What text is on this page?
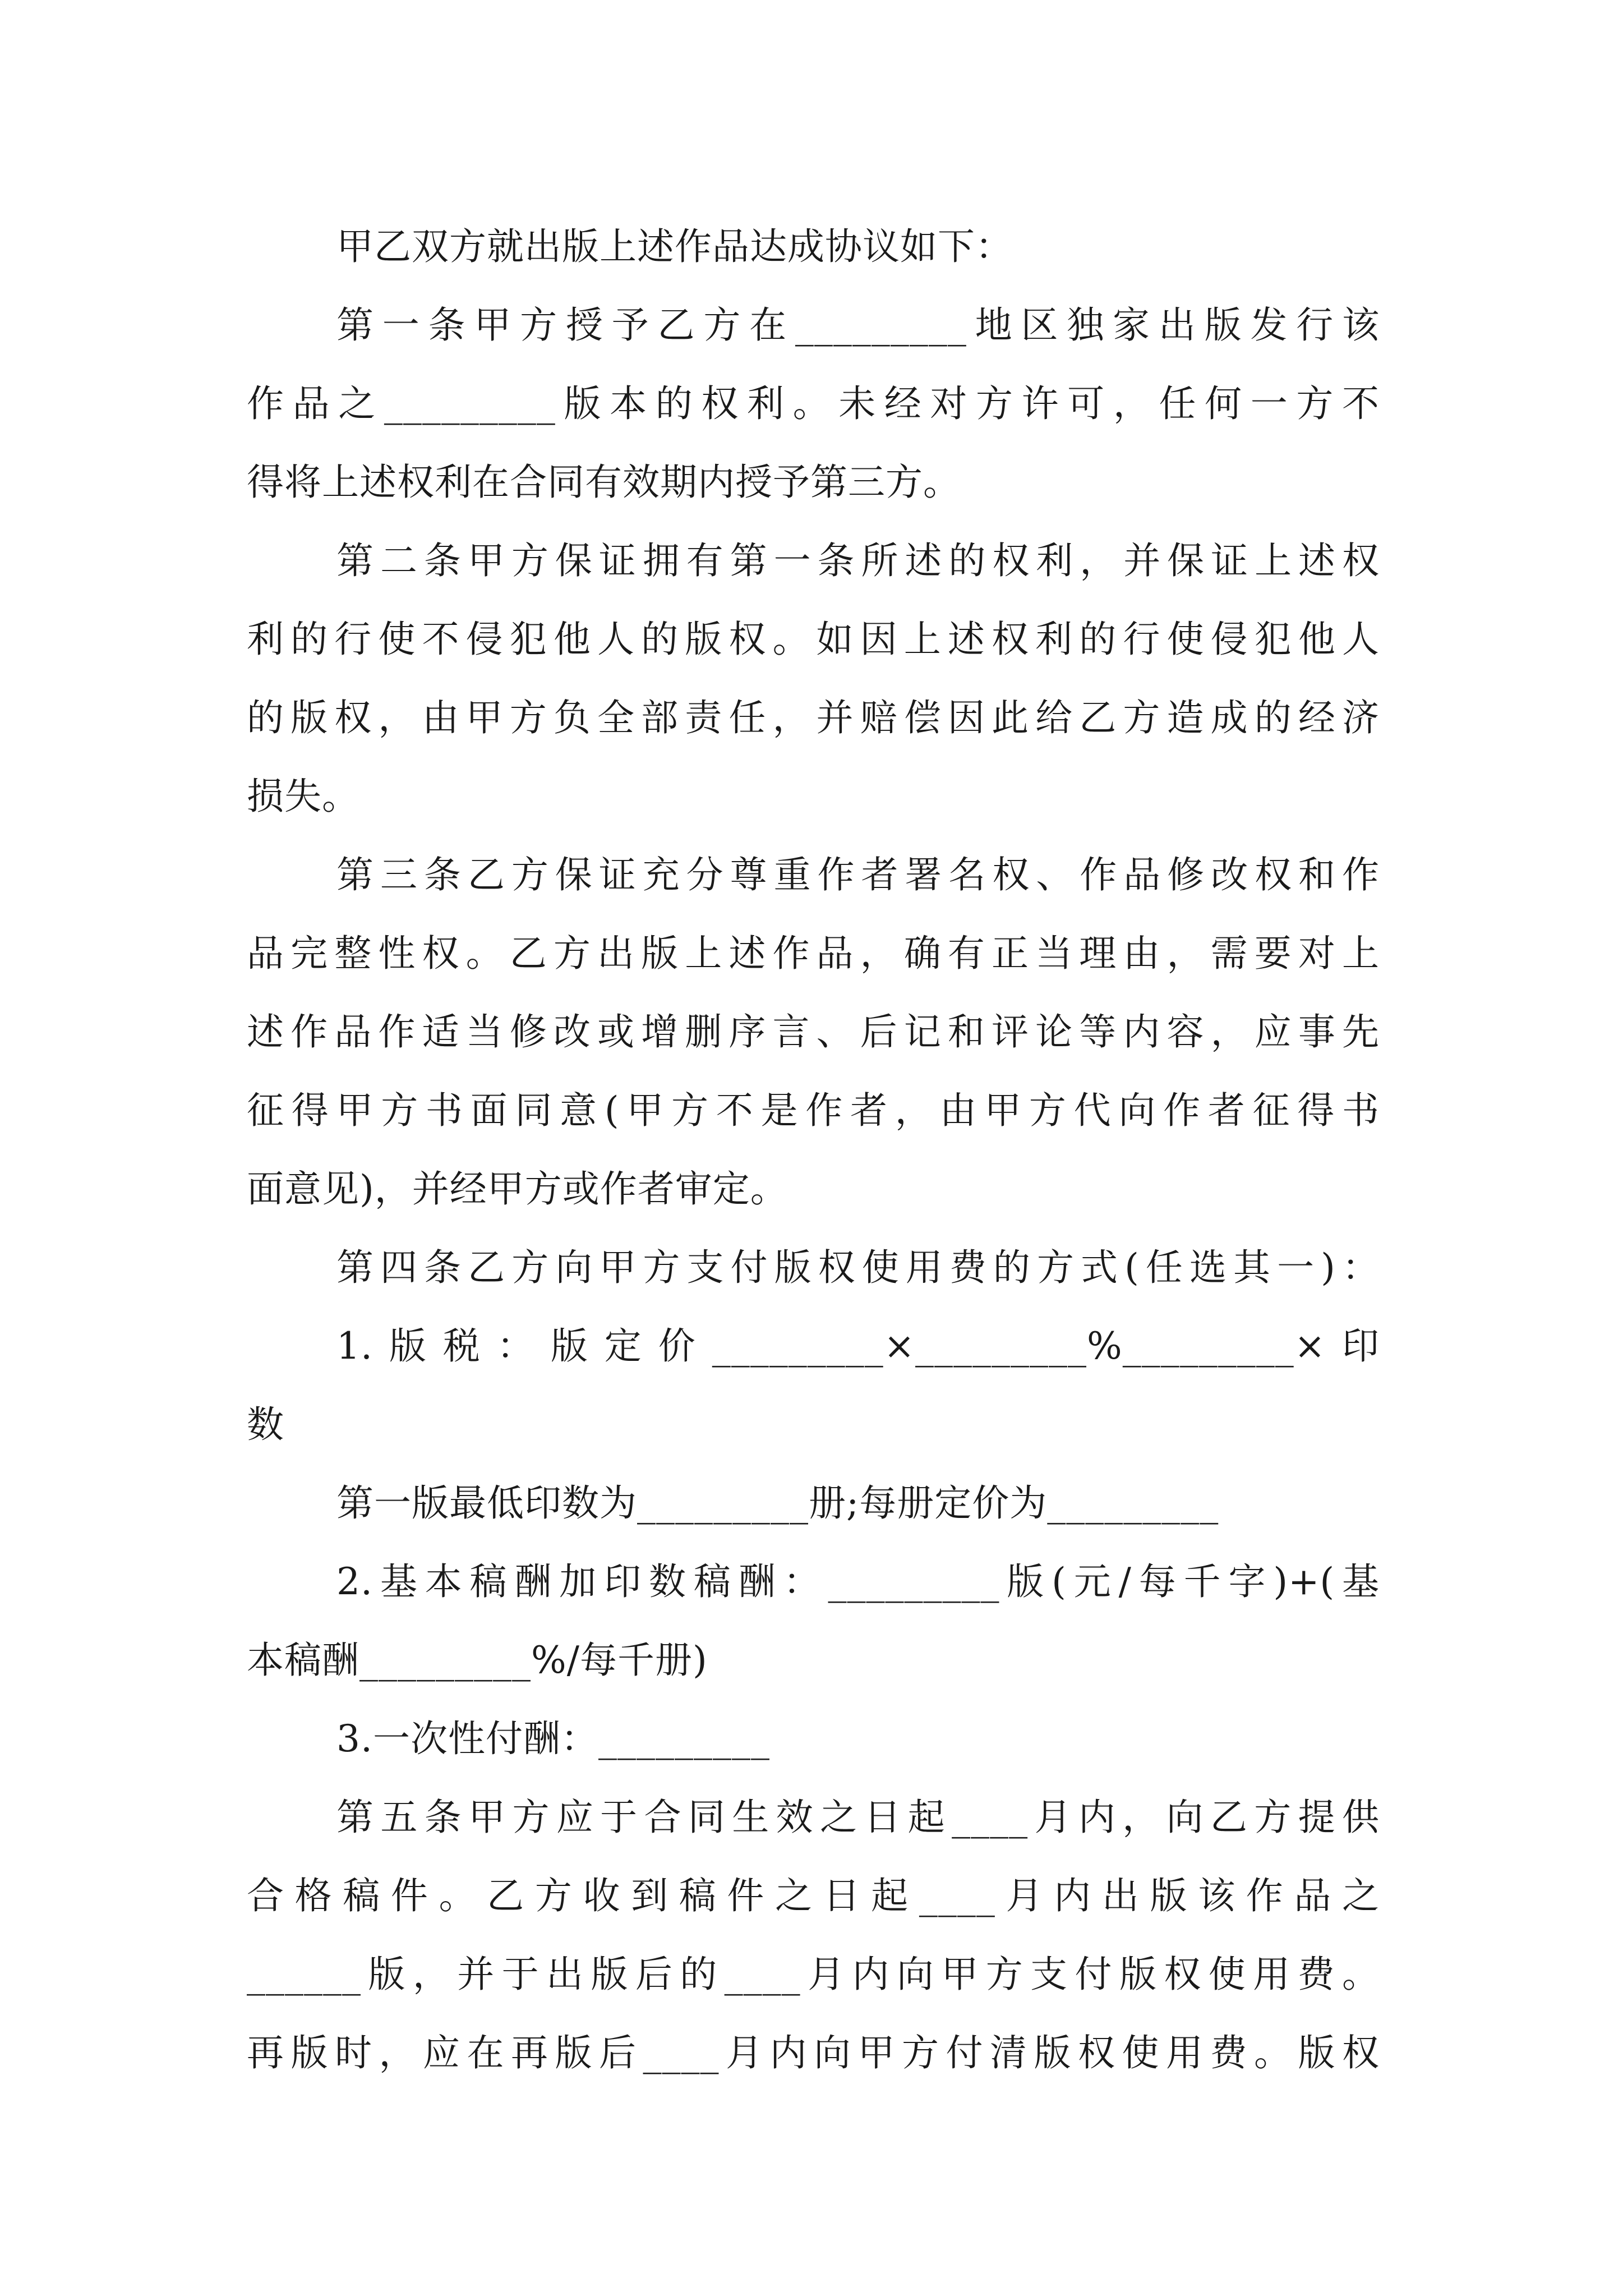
甲乙双方就出版上述作品达成协议如下：
第一条甲方授予乙方在_________地区独家出版发行该
作品之_________版本的权利。未经对方许可，任何一方不
得将上述权利在合同有效期内授予第三方。
第二条甲方保证拥有第一条所述的权利，并保证上述权
利的行使不侵犯他人的版权。如因上述权利的行使侵犯他人
的版权，由甲方负全部责任，并赔偿因此给乙方造成的经济
损失。
第三条乙方保证充分尊重作者署名权、作品修改权和作
品完整性权。乙方出版上述作品，确有正当理由，需要对上
述作品作适当修改或增删序言、后记和评论等内容，应事先
征得甲方书面同意(甲方不是作者，由甲方代向作者征得书
面意见)，并经甲方或作者审定。
第四条乙方向甲方支付版权使用费的方式(任选其一)：
1.版税：版定价_________×_________%_________×印
数
第一版最低印数为_________册;每册定价为_________
2.基本稿酬加印数稿酬：_________版(元/每千字)+(基
本稿酬_________%/每千册)
3.一次性付酬：_________
第五条甲方应于合同生效之日起____月内，向乙方提供
合格稿件。乙方收到稿件之日起____月内出版该作品之
______版，并于出版后的____月内向甲方支付版权使用费。
再版时，应在再版后____月内向甲方付清版权使用费。版权
